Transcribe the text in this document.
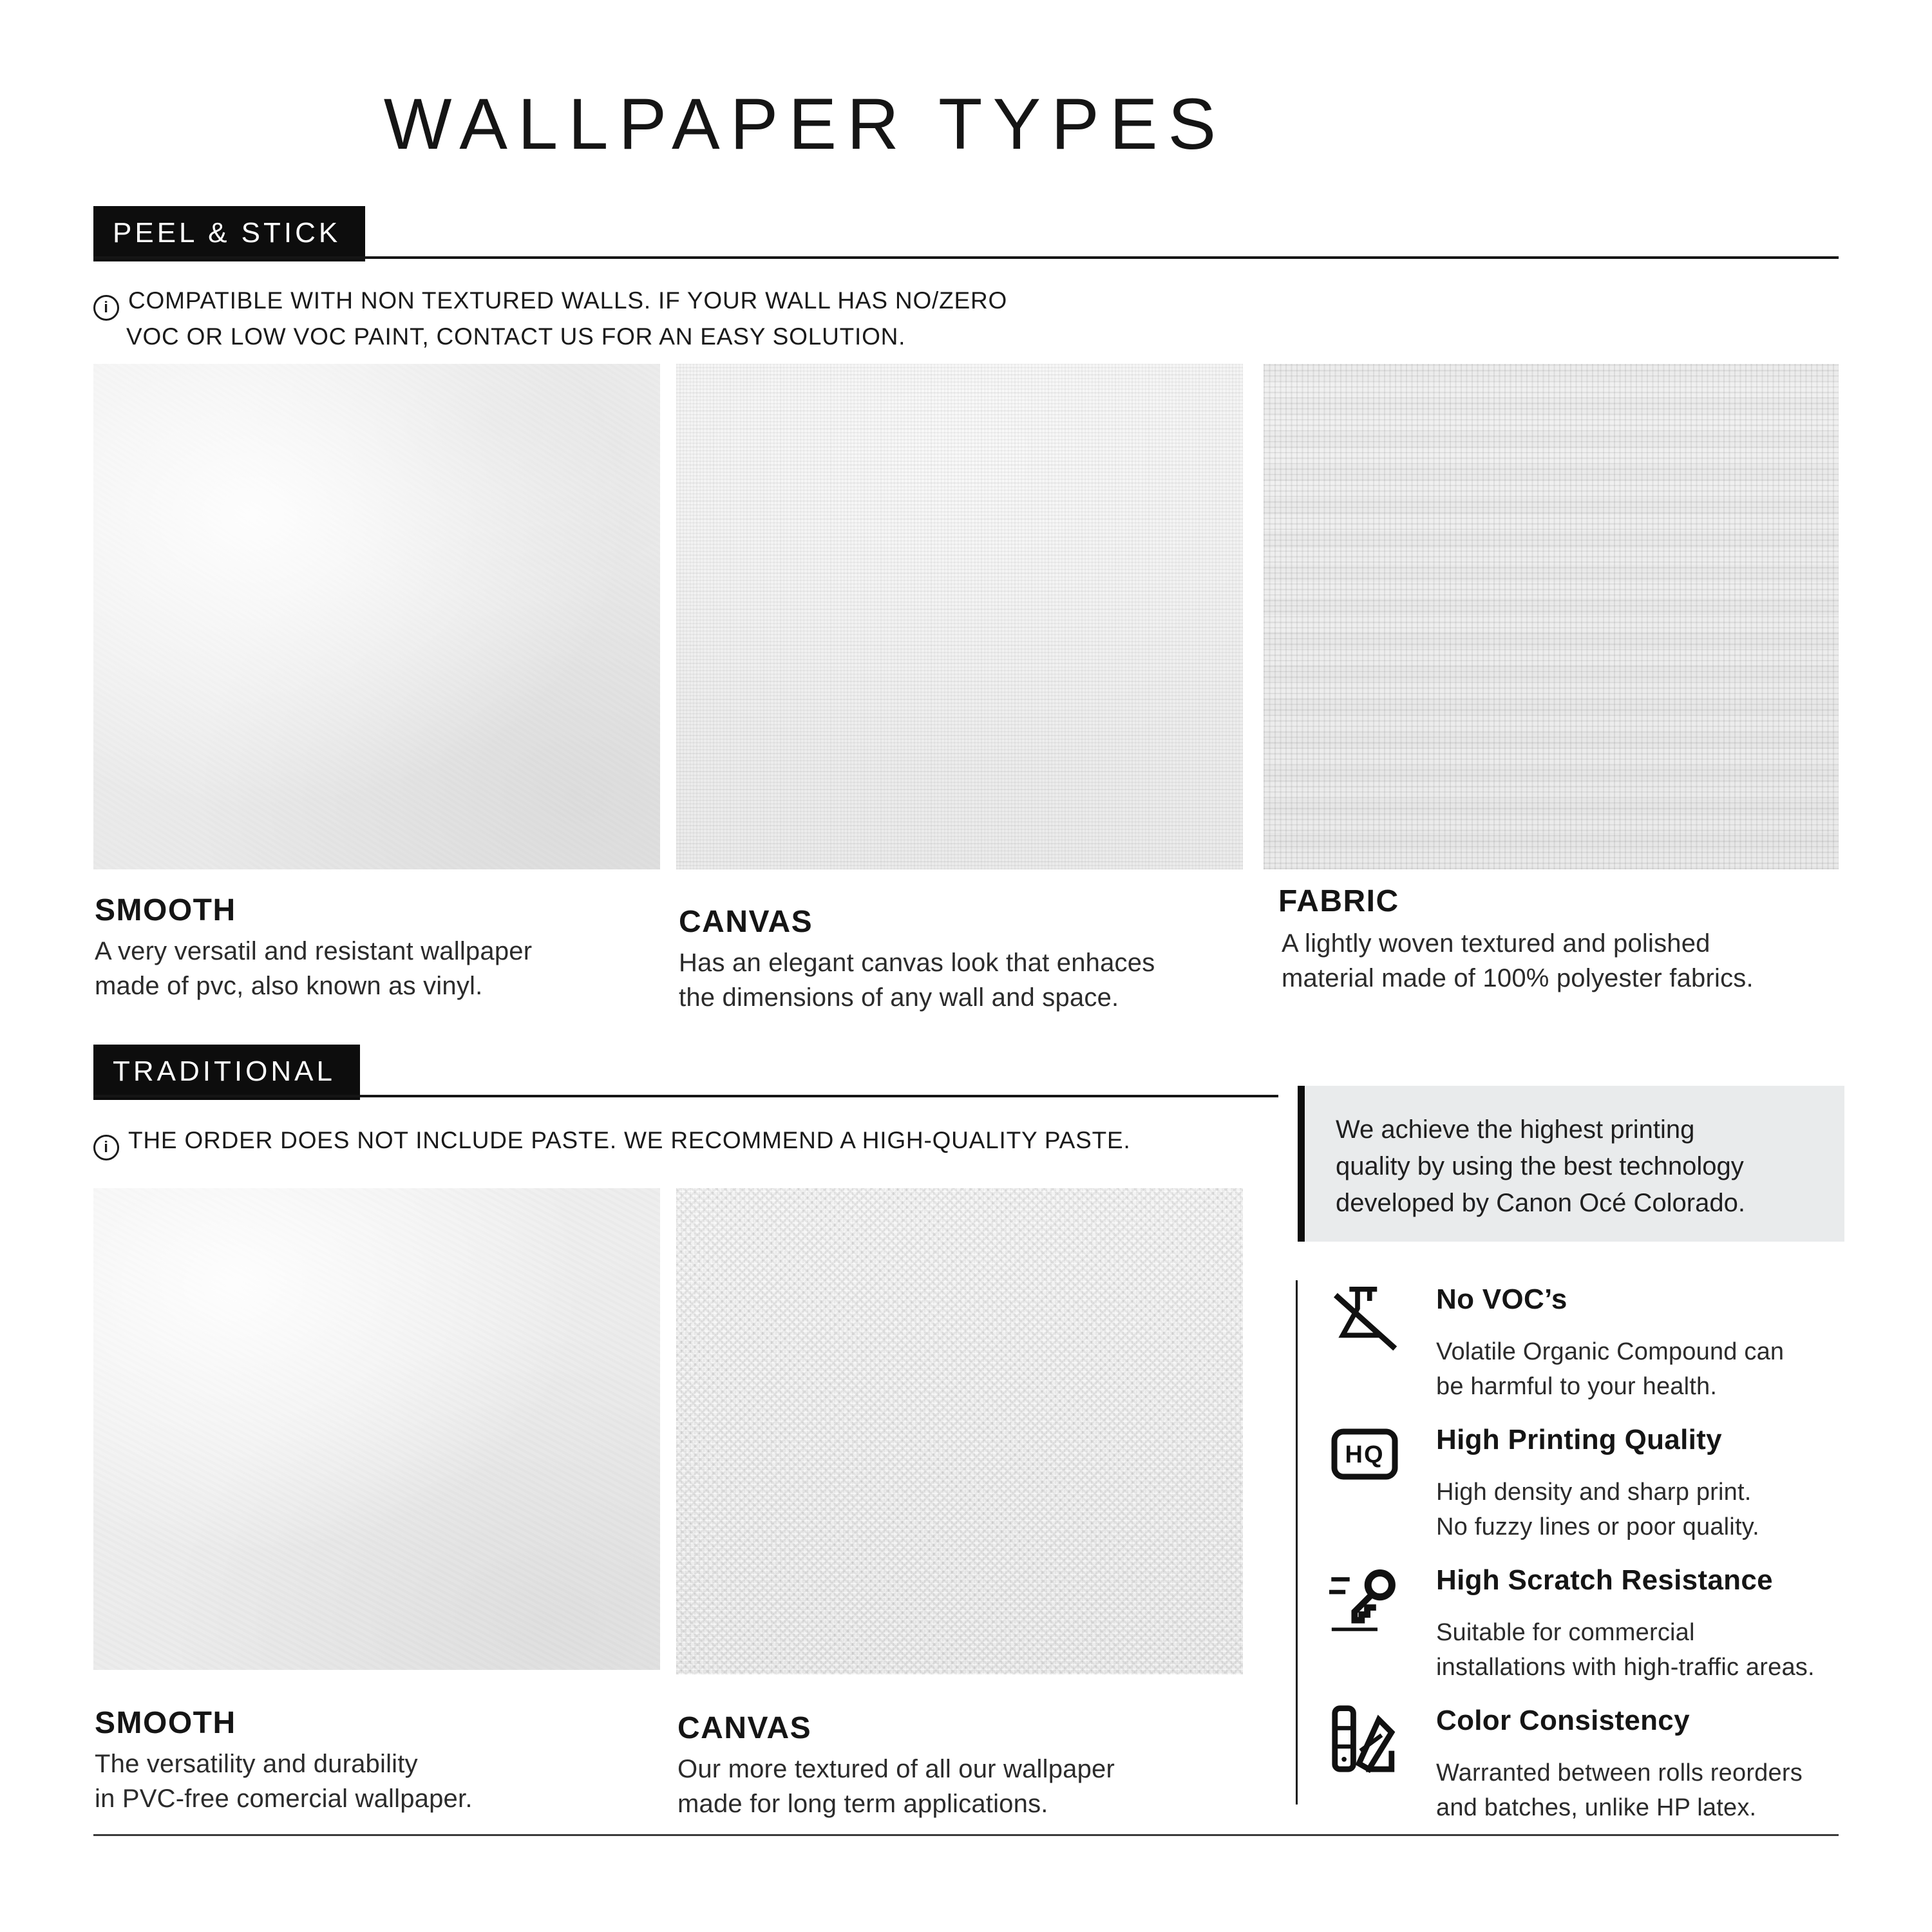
WALLPAPER TYPES
PEEL & STICK
i COMPATIBLE WITH NON TEXTURED WALLS. IF YOUR WALL HAS NO/ZERO
VOC OR LOW VOC PAINT, CONTACT US FOR AN EASY SOLUTION.
SMOOTH
A very versatil and resistant wallpaper
made of pvc, also known as vinyl.
CANVAS
Has an elegant canvas look that enhaces
the dimensions of any wall and space.
FABRIC
A lightly woven textured and polished
material made of 100% polyester fabrics.
TRADITIONAL
i THE ORDER DOES NOT INCLUDE PASTE. WE RECOMMEND A HIGH-QUALITY PASTE.
SMOOTH
The versatility and durability
in PVC-free comercial wallpaper.
CANVAS
Our more textured of all our wallpaper
made for long term applications.
We achieve the highest printing
quality by using the best technology
developed by Canon Océ Colorado.
No VOC’s
Volatile Organic Compound can
be harmful to your health.
HQ High Printing Quality
High density and sharp print.
No fuzzy lines or poor quality.
High Scratch Resistance
Suitable for commercial
installations with high-traffic areas.
Color Consistency
Warranted between rolls reorders
and batches, unlike HP latex.
